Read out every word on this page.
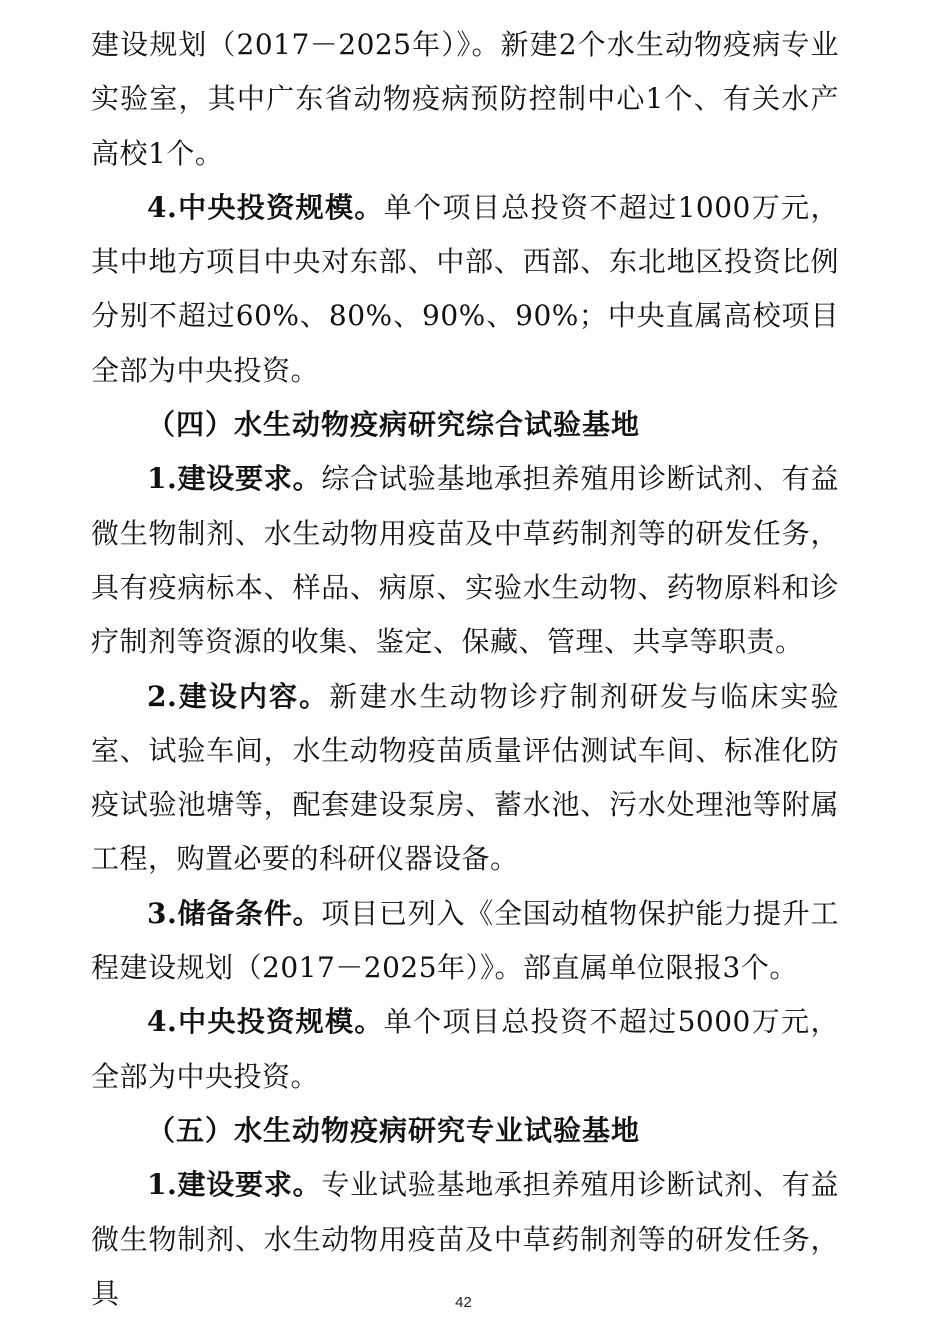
建设规划（2017－2025年）》。新建2个水生动物疫病专业实验室，其中广东省动物疫病预防控制中心1个、有关水产高校1个。

4.中央投资规模。单个项目总投资不超过1000万元，其中地方项目中央对东部、中部、西部、东北地区投资比例分别不超过60%、80%、90%、90%；中央直属高校项目全部为中央投资。

（四）水生动物疫病研究综合试验基地

1.建设要求。综合试验基地承担养殖用诊断试剂、有益微生物制剂、水生动物用疫苗及中草药制剂等的研发任务，具有疫病标本、样品、病原、实验水生动物、药物原料和诊疗制剂等资源的收集、鉴定、保藏、管理、共享等职责。

2.建设内容。新建水生动物诊疗制剂研发与临床实验室、试验车间，水生动物疫苗质量评估测试车间、标准化防疫试验池塘等，配套建设泵房、蓄水池、污水处理池等附属工程，购置必要的科研仪器设备。

3.储备条件。项目已列入《全国动植物保护能力提升工程建设规划（2017－2025年）》。部直属单位限报3个。

4.中央投资规模。单个项目总投资不超过5000万元，全部为中央投资。

（五）水生动物疫病研究专业试验基地

1.建设要求。专业试验基地承担养殖用诊断试剂、有益微生物制剂、水生动物用疫苗及中草药制剂等的研发任务，具	42
